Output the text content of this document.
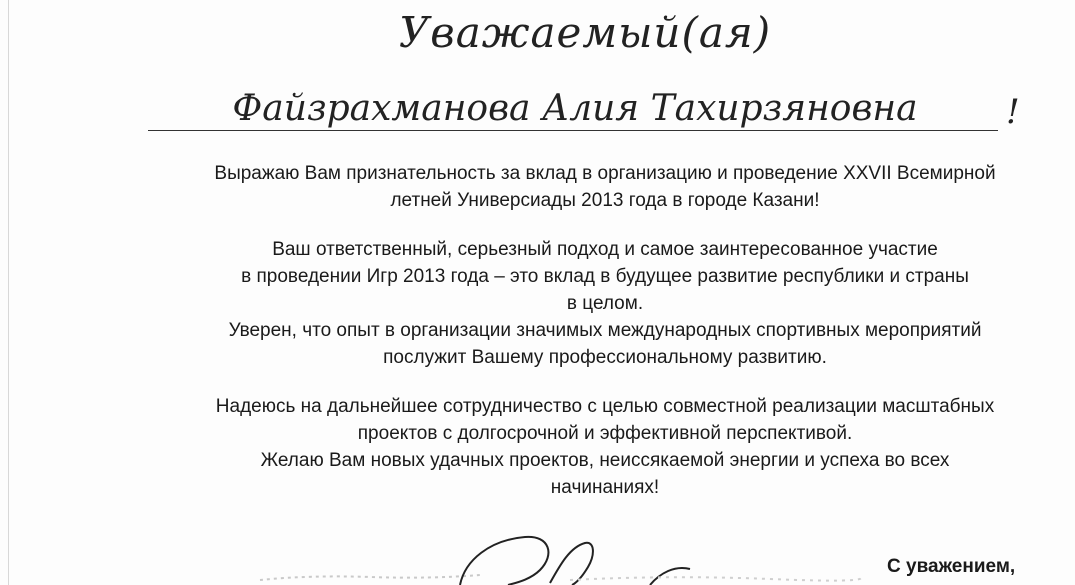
Уважаемый(ая)
Файзрахманова Алия Тахирзяновна	!

Выражаю Вам признательность за вклад в организацию и проведение XXVII Всемирной

летней Универсиады 2013 года в городе Казани!

Ваш ответственный, серьезный подход и самое заинтересованное участие

в проведении Игр 2013 года – это вклад в будущее развитие республики и страны

в целом.

Уверен, что опыт в организации значимых международных спортивных мероприятий

послужит Вашему профессиональному развитию.

Надеюсь на дальнейшее сотрудничество с целью совместной реализации масштабных

проектов с долгосрочной и эффективной перспективой.

Желаю Вам новых удачных проектов, неиссякаемой энергии и успеха во всех

начинаниях!

С уважением,
